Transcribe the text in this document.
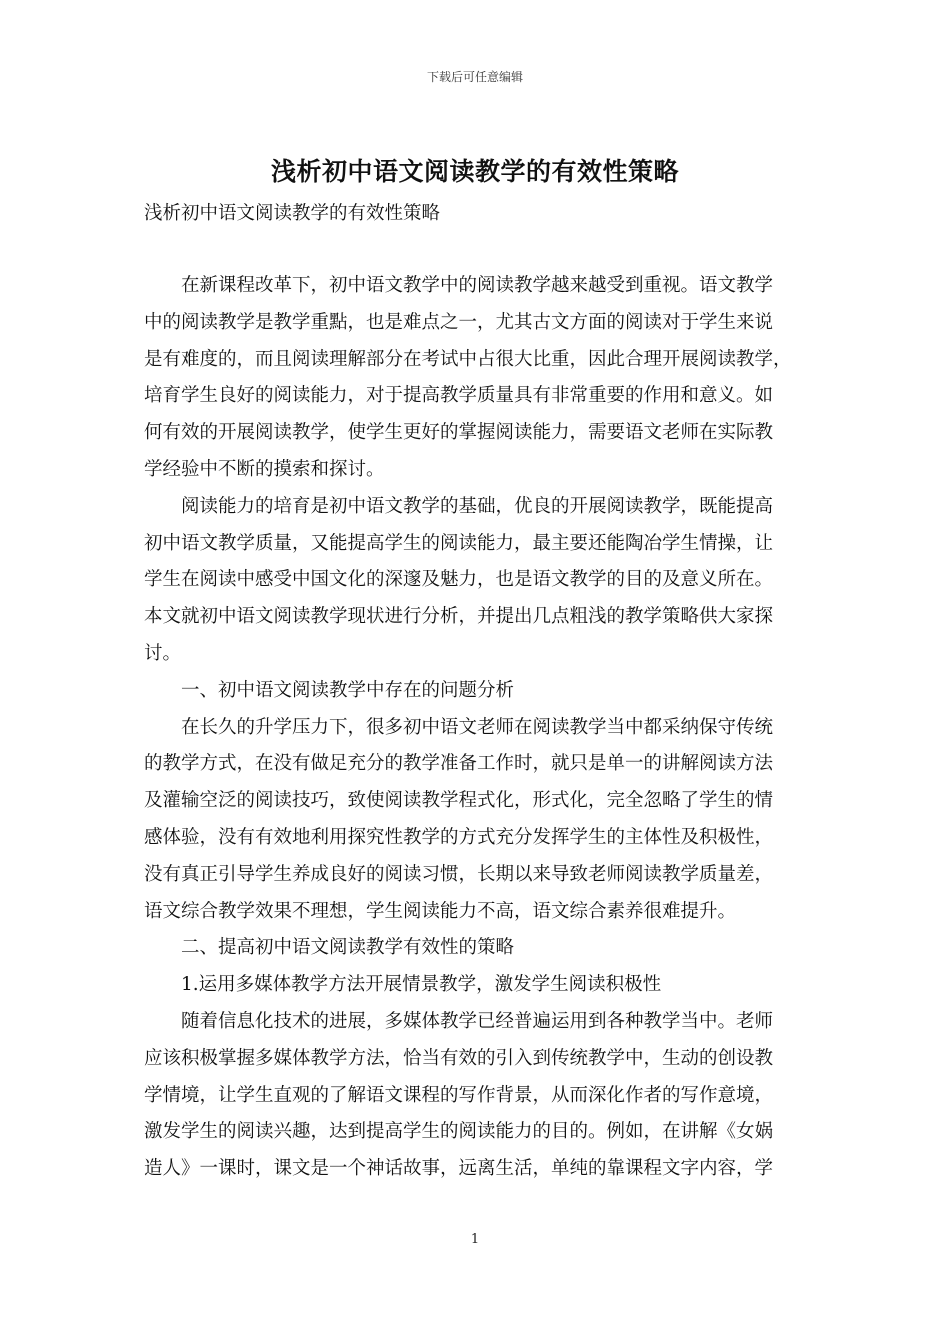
下载后可任意编辑
浅析初中语文阅读教学的有效性策略
浅析初中语文阅读教学的有效性策略

在新课程改革下，初中语文教学中的阅读教学越来越受到重视。语文教学
中的阅读教学是教学重點，也是难点之一，尤其古文方面的阅读对于学生来说
是有难度的，而且阅读理解部分在考试中占很大比重，因此合理开展阅读教学，
培育学生良好的阅读能力，对于提高教学质量具有非常重要的作用和意义。如
何有效的开展阅读教学，使学生更好的掌握阅读能力，需要语文老师在实际教
学经验中不断的摸索和探讨。

阅读能力的培育是初中语文教学的基础，优良的开展阅读教学，既能提高
初中语文教学质量，又能提高学生的阅读能力，最主要还能陶冶学生情操，让
学生在阅读中感受中国文化的深邃及魅力，也是语文教学的目的及意义所在。
本文就初中语文阅读教学现状进行分析，并提出几点粗浅的教学策略供大家探
讨。

一、初中语文阅读教学中存在的问题分析

在长久的升学压力下，很多初中语文老师在阅读教学当中都采纳保守传统
的教学方式，在没有做足充分的教学准备工作时，就只是单一的讲解阅读方法
及灌输空泛的阅读技巧，致使阅读教学程式化，形式化，完全忽略了学生的情
感体验，没有有效地利用探究性教学的方式充分发挥学生的主体性及积极性，
没有真正引导学生养成良好的阅读习惯，长期以来导致老师阅读教学质量差，
语文综合教学效果不理想，学生阅读能力不高，语文综合素养很难提升。

二、提高初中语文阅读教学有效性的策略

1.运用多媒体教学方法开展情景教学，激发学生阅读积极性

随着信息化技术的进展，多媒体教学已经普遍运用到各种教学当中。老师
应该积极掌握多媒体教学方法，恰当有效的引入到传统教学中，生动的创设教
学情境，让学生直观的了解语文课程的写作背景，从而深化作者的写作意境，
激发学生的阅读兴趣，达到提高学生的阅读能力的目的。例如，在讲解《女娲
造人》一课时，课文是一个神话故事，远离生活，单纯的靠课程文字内容，学

1
